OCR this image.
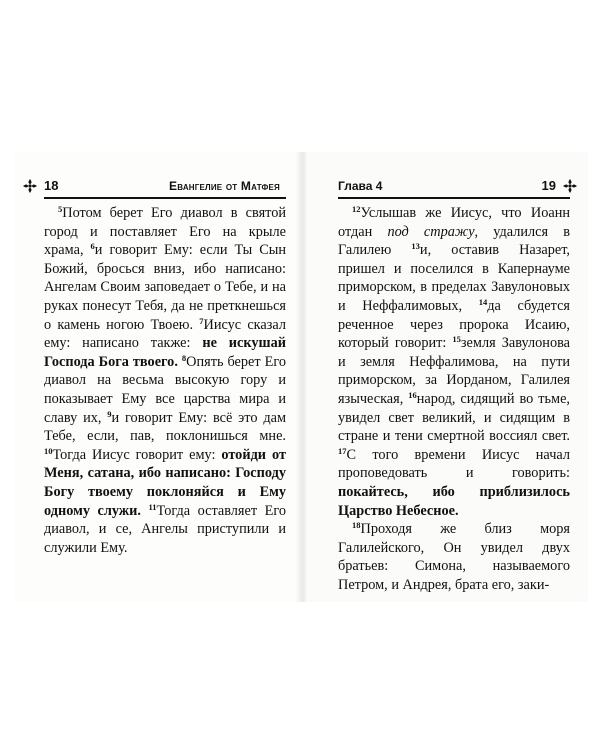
18	Евангелие от Матфея

$^5$Потом берет Его диавол в святой город и поставляет Его на крыле храма, $^6$и говорит Ему: если Ты Сын Божий, бросься вниз, ибо написано: Ангелам Своим заповедает о Тебе, и на руках понесут Тебя, да не преткнешься о камень ногою Твоею. $^7$Иисус сказал ему: написано также: не искушай Господа Бога твоего. $^8$Опять берет Его диавол на весьма высокую гору и показывает Ему все царства мира и славу их, $^9$и говорит Ему: всё это дам Тебе, если, пав, поклонишься мне. $^{10}$Тогда Иисус говорит ему: отойди от Меня, сатана, ибо написано: Господу Богу твоему поклоняйся и Ему одному служи. $^{11}$Тогда оставляет Его диавол, и се, Ангелы приступили и служили Ему.

Глава 4	19

$^{12}$Услышав же Иисус, что Иоанн отдан под стражу, удалился в Галилею $^{13}$и, оставив Назарет, пришел и поселился в Капернауме приморском, в пределах Завулоновых и Неффалимовых, $^{14}$да сбудется реченное через пророка Исаию, который говорит: $^{15}$земля Завулонова и земля Неффалимова, на пути приморском, за Иорданом, Галилея языческая, $^{16}$народ, сидящий во тьме, увидел свет великий, и сидящим в стране и тени смертной воссиял свет. $^{17}$С того времени Иисус начал проповедовать и говорить: покайтесь, ибо приблизилось Царство Небесное.

$^{18}$Проходя же близ моря Галилейского, Он увидел двух братьев: Симона, называемого Петром, и Андрея, брата его, заки-
